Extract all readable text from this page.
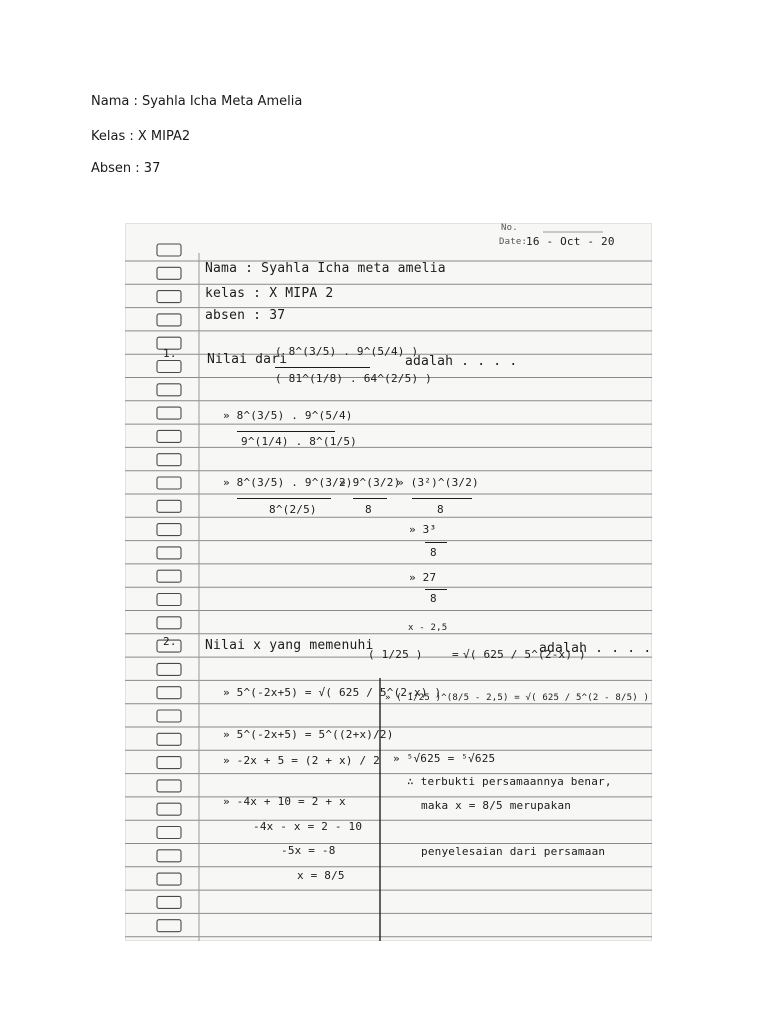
Nama : Syahla Icha Meta Amelia
Kelas : X MIPA2
Absen : 37
No.
Date:
16 - Oct - 20
Nama : Syahla Icha meta amelia
kelas : X MIPA 2
absen : 37
1. Nilai dari
( 8^(3/5) . 9^(5/4) )
( 81^(1/8) . 64^(2/5) )
adalah . . . .
» 8^(3/5) . 9^(5/4)
9^(1/4) . 8^(1/5)
» 8^(3/5) . 9^(3/2)
8^(2/5)
» 9^(3/2)
8
» (3²)^(3/2)
8
» 3³
8
» 27
8
2. Nilai x yang memenuhi
( 1/25 )
x - 2,5
= √( 625 / 5^(2-x) )
adalah . . . .
» 5^(-2x+5) = √( 625 / 5^(2-x) )
» 5^(-2x+5) = 5^((2+x)/2)
» -2x + 5 = (2 + x) / 2
» -4x + 10 = 2 + x
-4x - x = 2 - 10
-5x = -8
x = 8/5
» ( 1/25 )^(8/5 - 2,5) = √( 625 / 5^(2 - 8/5) )
» ⁵√625 = ⁵√625
∴ terbukti persamaannya benar,
maka x = 8/5 merupakan
penyelesaian dari persamaan
